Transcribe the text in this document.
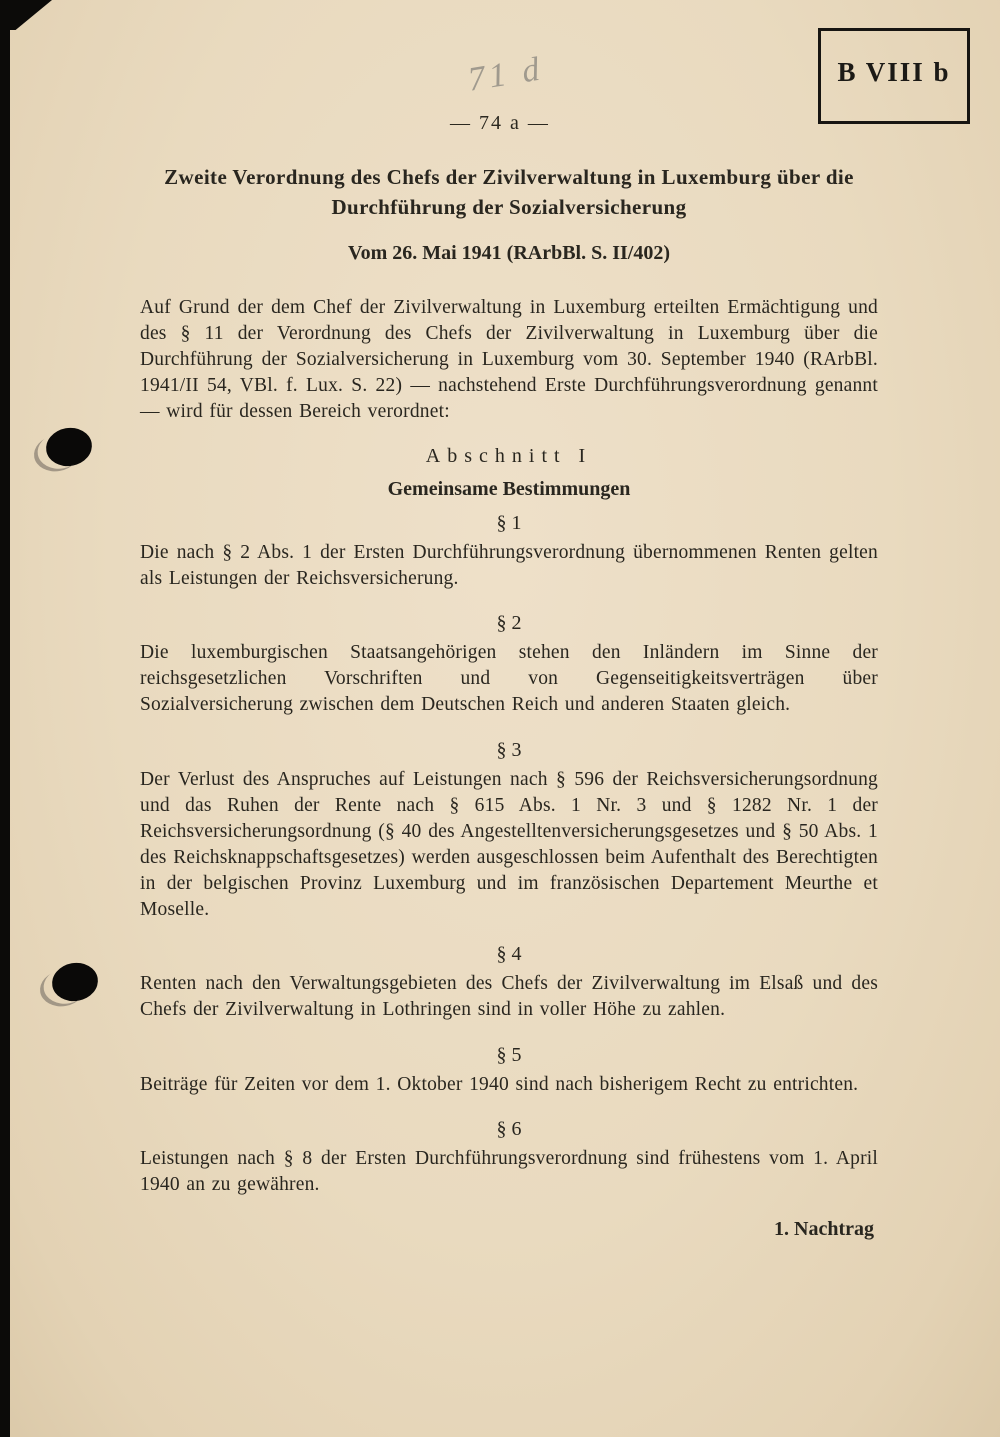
B VIII b
71 d
— 74 a —
Zweite Verordnung des Chefs der Zivilverwaltung in Luxemburg über die
Durchführung der Sozialversicherung
Vom 26. Mai 1941 (RArbBl. S. II/402)

Auf Grund der dem Chef der Zivilverwaltung in Luxemburg erteilten Ermächtigung und des § 11 der Verordnung des Chefs der Zivilverwaltung in Luxemburg über die Durchführung der Sozialversicherung in Luxemburg vom 30. September 1940 (RArbBl. 1941/II 54, VBl. f. Lux. S. 22) — nachstehend Erste Durchführungsverordnung genannt — wird für dessen Bereich verordnet:

Abschnitt I
Gemeinsame Bestimmungen
§ 1

Die nach § 2 Abs. 1 der Ersten Durchführungsverordnung übernommenen Renten gelten als Leistungen der Reichsversicherung.

§ 2

Die luxemburgischen Staatsangehörigen stehen den Inländern im Sinne der reichsgesetzlichen Vorschriften und von Gegenseitigkeitsverträgen über Sozialversicherung zwischen dem Deutschen Reich und anderen Staaten gleich.

§ 3

Der Verlust des Anspruches auf Leistungen nach § 596 der Reichsversicherungsordnung und das Ruhen der Rente nach § 615 Abs. 1 Nr. 3 und § 1282 Nr. 1 der Reichsversicherungsordnung (§ 40 des Angestelltenversicherungsgesetzes und § 50 Abs. 1 des Reichsknappschaftsgesetzes) werden ausgeschlossen beim Aufenthalt des Berechtigten in der belgischen Provinz Luxemburg und im französischen Departement Meurthe et Moselle.

§ 4

Renten nach den Verwaltungsgebieten des Chefs der Zivilverwaltung im Elsaß und des Chefs der Zivilverwaltung in Lothringen sind in voller Höhe zu zahlen.

§ 5

Beiträge für Zeiten vor dem 1. Oktober 1940 sind nach bisherigem Recht zu entrichten.

§ 6

Leistungen nach § 8 der Ersten Durchführungsverordnung sind frühestens vom 1. April 1940 an zu gewähren.

1. Nachtrag
